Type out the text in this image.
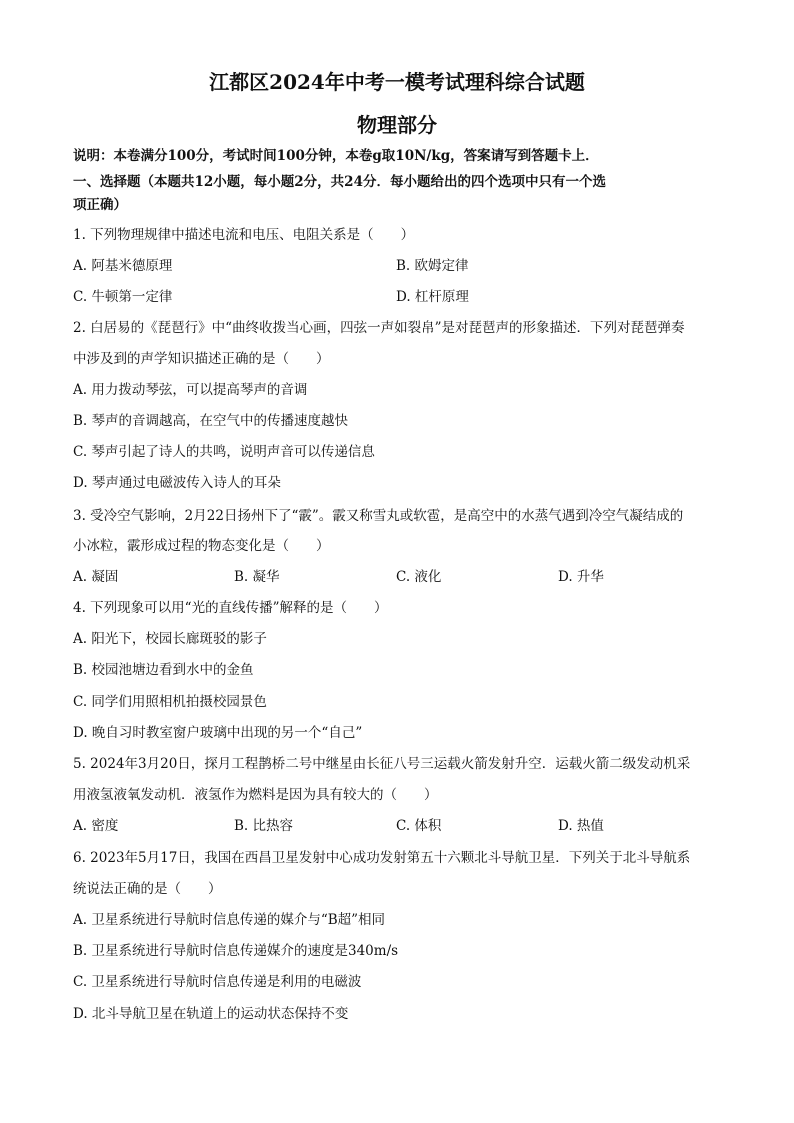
江都区2024年中考一模考试理科综合试题
物理部分
说明：本卷满分100分，考试时间100分钟，本卷g取10N/kg，答案请写到答题卡上．
一、选择题（本题共12小题，每小题2分，共24分．每小题给出的四个选项中只有一个选
项正确）
1. 下列物理规律中描述电流和电压、电阻关系是（　　）
A. 阿基米德原理	B. 欧姆定律
C. 牛顿第一定律	D. 杠杆原理
2. 白居易的《琵琶行》中“曲终收拨当心画，四弦一声如裂帛”是对琵琶声的形象描述．下列对琵琶弹奏
中涉及到的声学知识描述正确的是（　　）
A. 用力拨动琴弦，可以提高琴声的音调
B. 琴声的音调越高，在空气中的传播速度越快
C. 琴声引起了诗人的共鸣，说明声音可以传递信息
D. 琴声通过电磁波传入诗人的耳朵
3. 受冷空气影响，2月22日扬州下了“霰”。霰又称雪丸或软雹，是高空中的水蒸气遇到冷空气凝结成的
小冰粒，霰形成过程的物态变化是（　　）
A. 凝固	B. 凝华	C. 液化	D. 升华
4. 下列现象可以用“光的直线传播”解释的是（　　）
A. 阳光下，校园长廊斑驳的影子
B. 校园池塘边看到水中的金鱼
C. 同学们用照相机拍摄校园景色
D. 晚自习时教室窗户玻璃中出现的另一个“自己”
5. 2024年3月20日，探月工程鹊桥二号中继星由长征八号三运载火箭发射升空．运载火箭二级发动机采
用液氢液氧发动机．液氢作为燃料是因为具有较大的（　　）
A. 密度	B. 比热容	C. 体积	D. 热值
6. 2023年5月17日，我国在西昌卫星发射中心成功发射第五十六颗北斗导航卫星．下列关于北斗导航系
统说法正确的是（　　）
A. 卫星系统进行导航时信息传递的媒介与“B超”相同
B. 卫星系统进行导航时信息传递媒介的速度是340m/s
C. 卫星系统进行导航时信息传递是利用的电磁波
D. 北斗导航卫星在轨道上的运动状态保持不变
